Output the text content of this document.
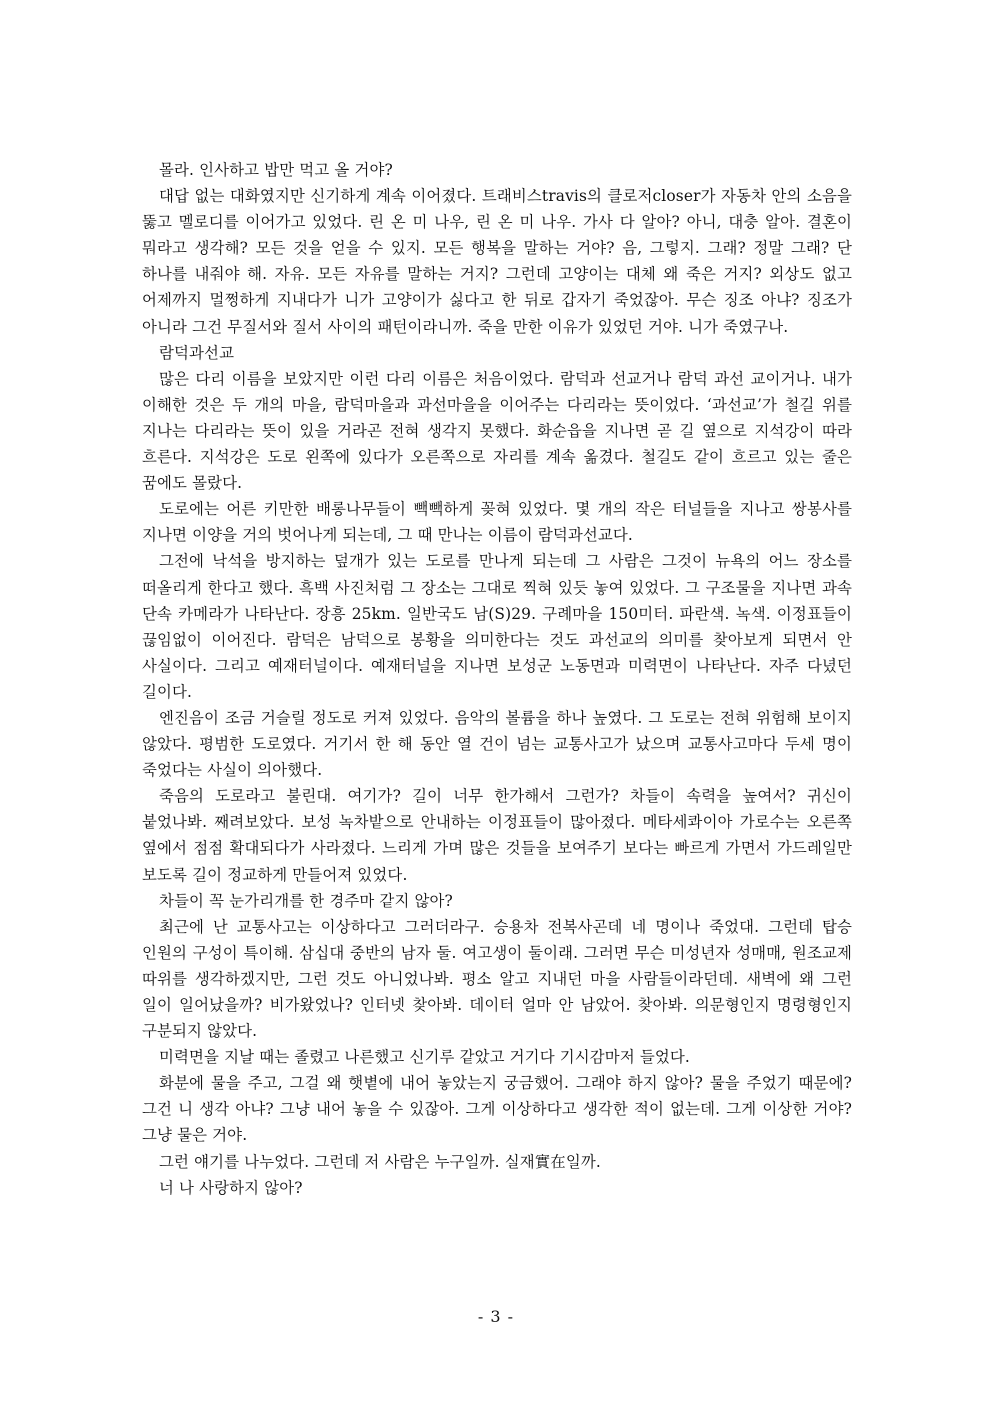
몰라. 인사하고 밥만 먹고 올 거야?

대답 없는 대화였지만 신기하게 계속 이어졌다. 트래비스travis의 클로저closer가 자동차 안의 소음을 뚫고 멜로디를 이어가고 있었다. 린 온 미 나우, 린 온 미 나우. 가사 다 알아? 아니, 대충 알아. 결혼이 뭐라고 생각해? 모든 것을 얻을 수 있지. 모든 행복을 말하는 거야? 음, 그렇지. 그래? 정말 그래? 단 하나를 내줘야 해. 자유. 모든 자유를 말하는 거지? 그런데 고양이는 대체 왜 죽은 거지? 외상도 없고 어제까지 멀쩡하게 지내다가 니가 고양이가 싫다고 한 뒤로 갑자기 죽었잖아. 무슨 징조 아냐? 징조가 아니라 그건 무질서와 질서 사이의 패턴이라니까. 죽을 만한 이유가 있었던 거야. 니가 죽였구나.

람덕과선교

많은 다리 이름을 보았지만 이런 다리 이름은 처음이었다. 람덕과 선교거나 람덕 과선 교이거나. 내가 이해한 것은 두 개의 마을, 람덕마을과 과선마을을 이어주는 다리라는 뜻이었다. ‘과선교’가 철길 위를 지나는 다리라는 뜻이 있을 거라곤 전혀 생각지 못했다. 화순읍을 지나면 곧 길 옆으로 지석강이 따라 흐른다. 지석강은 도로 왼쪽에 있다가 오른쪽으로 자리를 계속 옮겼다. 철길도 같이 흐르고 있는 줄은 꿈에도 몰랐다.

도로에는 어른 키만한 배롱나무들이 빽빽하게 꽂혀 있었다. 몇 개의 작은 터널들을 지나고 쌍봉사를 지나면 이양을 거의 벗어나게 되는데, 그 때 만나는 이름이 람덕과선교다.

그전에 낙석을 방지하는 덮개가 있는 도로를 만나게 되는데 그 사람은 그것이 뉴욕의 어느 장소를 떠올리게 한다고 했다. 흑백 사진처럼 그 장소는 그대로 찍혀 있듯 놓여 있었다. 그 구조물을 지나면 과속 단속 카메라가 나타난다. 장흥 25km. 일반국도 남(S)29. 구례마을 150미터. 파란색. 녹색. 이정표들이 끊임없이 이어진다. 람덕은 남덕으로 봉황을 의미한다는 것도 과선교의 의미를 찾아보게 되면서 안 사실이다. 그리고 예재터널이다. 예재터널을 지나면 보성군 노동면과 미력면이 나타난다. 자주 다녔던 길이다.

엔진음이 조금 거슬릴 정도로 커져 있었다. 음악의 볼륨을 하나 높였다. 그 도로는 전혀 위험해 보이지 않았다. 평범한 도로였다. 거기서 한 해 동안 열 건이 넘는 교통사고가 났으며 교통사고마다 두세 명이 죽었다는 사실이 의아했다.

죽음의 도로라고 불린대. 여기가? 길이 너무 한가해서 그런가? 차들이 속력을 높여서? 귀신이 붙었나봐. 째려보았다. 보성 녹차밭으로 안내하는 이정표들이 많아졌다. 메타세콰이아 가로수는 오른쪽 옆에서 점점 확대되다가 사라졌다. 느리게 가며 많은 것들을 보여주기 보다는 빠르게 가면서 가드레일만 보도록 길이 정교하게 만들어져 있었다.

차들이 꼭 눈가리개를 한 경주마 같지 않아?

최근에 난 교통사고는 이상하다고 그러더라구. 승용차 전복사곤데 네 명이나 죽었대. 그런데 탑승 인원의 구성이 특이해. 삼십대 중반의 남자 둘. 여고생이 둘이래. 그러면 무슨 미성년자 성매매, 원조교제 따위를 생각하겠지만, 그런 것도 아니었나봐. 평소 알고 지내던 마을 사람들이라던데. 새벽에 왜 그런 일이 일어났을까? 비가왔었나? 인터넷 찾아봐. 데이터 얼마 안 남았어. 찾아봐. 의문형인지 명령형인지 구분되지 않았다.

미력면을 지날 때는 졸렸고 나른했고 신기루 같았고 거기다 기시감마저 들었다.

화분에 물을 주고, 그걸 왜 햇볕에 내어 놓았는지 궁금했어. 그래야 하지 않아? 물을 주었기 때문에? 그건 니 생각 아냐? 그냥 내어 놓을 수 있잖아. 그게 이상하다고 생각한 적이 없는데. 그게 이상한 거야? 그냥 물은 거야.

그런 얘기를 나누었다. 그런데 저 사람은 누구일까. 실재實在일까.

너 나 사랑하지 않아?

- 3 -
